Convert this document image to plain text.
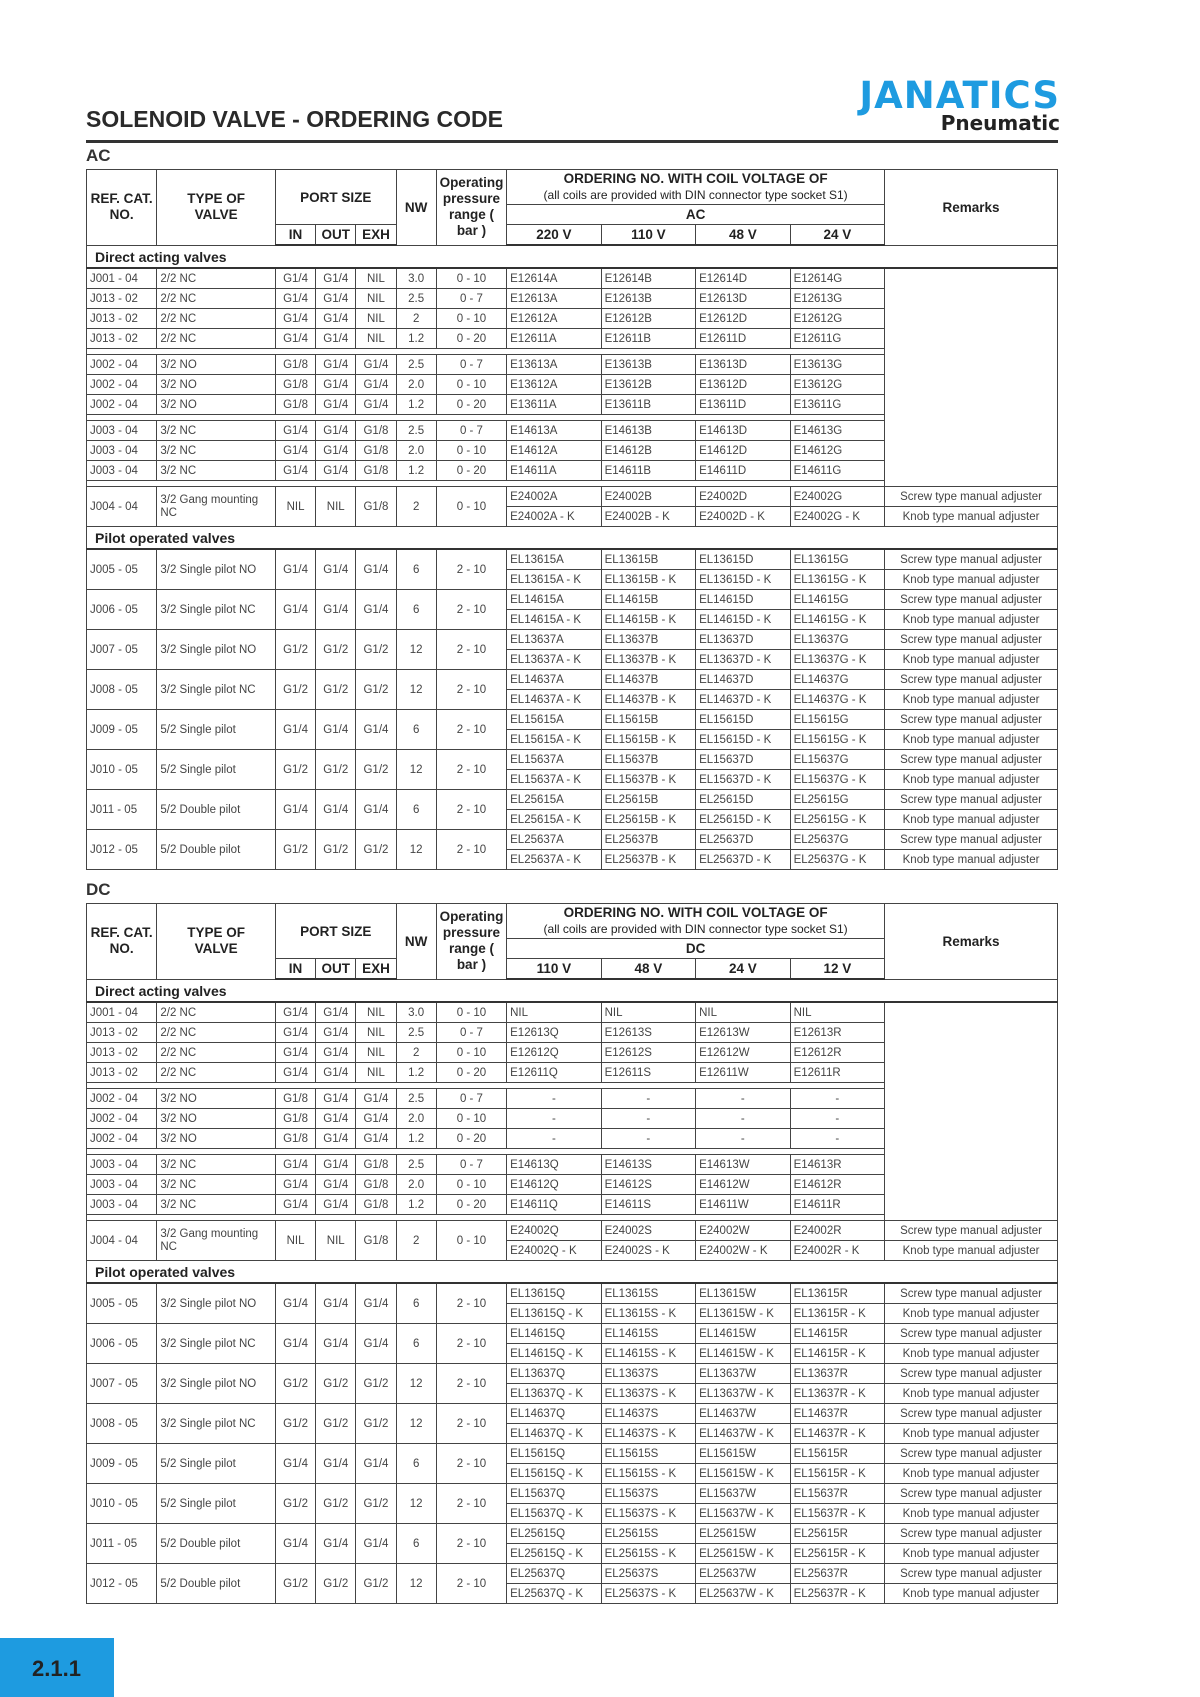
JANATICS
Pneumatic
SOLENOID VALVE - ORDERING CODE
AC
REF. CAT. NO.	TYPE OF VALVE	PORT SIZE			NW	Operating pressure range ( bar )	ORDERING NO. WITH COIL VOLTAGE OF
(all coils are provided with DIN connector type socket S1)				Remarks
							AC				
		IN	OUT	EXH			220 V	110 V	48 V	24 V	
Direct acting valves											
J001 - 04	2/2 NC	G1/4	G1/4	NIL	3.0	0 - 10	E12614A	E12614B	E12614D	E12614G	
J013 - 02	2/2 NC	G1/4	G1/4	NIL	2.5	0 - 7	E12613A	E12613B	E12613D	E12613G	
J013 - 02	2/2 NC	G1/4	G1/4	NIL	2	0 - 10	E12612A	E12612B	E12612D	E12612G	
J013 - 02	2/2 NC	G1/4	G1/4	NIL	1.2	0 - 20	E12611A	E12611B	E12611D	E12611G	

J002 - 04	3/2 NO	G1/8	G1/4	G1/4	2.5	0 - 7	E13613A	E13613B	E13613D	E13613G	
J002 - 04	3/2 NO	G1/8	G1/4	G1/4	2.0	0 - 10	E13612A	E13612B	E13612D	E13612G	
J002 - 04	3/2 NO	G1/8	G1/4	G1/4	1.2	0 - 20	E13611A	E13611B	E13611D	E13611G	

J003 - 04	3/2 NC	G1/4	G1/4	G1/8	2.5	0 - 7	E14613A	E14613B	E14613D	E14613G	
J003 - 04	3/2 NC	G1/4	G1/4	G1/8	2.0	0 - 10	E14612A	E14612B	E14612D	E14612G	
J003 - 04	3/2 NC	G1/4	G1/4	G1/8	1.2	0 - 20	E14611A	E14611B	E14611D	E14611G	

J004 - 04	3/2 Gang mounting NC	NIL	NIL	G1/8	2	0 - 10	E24002A	E24002B	E24002D	E24002G	Screw type manual adjuster
							E24002A - K	E24002B - K	E24002D - K	E24002G - K	Knob type manual adjuster
Pilot operated valves											
J005 - 05	3/2 Single pilot NO	G1/4	G1/4	G1/4	6	2 - 10	EL13615A	EL13615B	EL13615D	EL13615G	Screw type manual adjuster
							EL13615A - K	EL13615B - K	EL13615D - K	EL13615G - K	Knob type manual adjuster
J006 - 05	3/2 Single pilot NC	G1/4	G1/4	G1/4	6	2 - 10	EL14615A	EL14615B	EL14615D	EL14615G	Screw type manual adjuster
							EL14615A - K	EL14615B - K	EL14615D - K	EL14615G - K	Knob type manual adjuster
J007 - 05	3/2 Single pilot NO	G1/2	G1/2	G1/2	12	2 - 10	EL13637A	EL13637B	EL13637D	EL13637G	Screw type manual adjuster
							EL13637A - K	EL13637B - K	EL13637D - K	EL13637G - K	Knob type manual adjuster
J008 - 05	3/2 Single pilot NC	G1/2	G1/2	G1/2	12	2 - 10	EL14637A	EL14637B	EL14637D	EL14637G	Screw type manual adjuster
							EL14637A - K	EL14637B - K	EL14637D - K	EL14637G - K	Knob type manual adjuster
J009 - 05	5/2 Single pilot	G1/4	G1/4	G1/4	6	2 - 10	EL15615A	EL15615B	EL15615D	EL15615G	Screw type manual adjuster
							EL15615A - K	EL15615B - K	EL15615D - K	EL15615G - K	Knob type manual adjuster
J010 - 05	5/2 Single pilot	G1/2	G1/2	G1/2	12	2 - 10	EL15637A	EL15637B	EL15637D	EL15637G	Screw type manual adjuster
							EL15637A - K	EL15637B - K	EL15637D - K	EL15637G - K	Knob type manual adjuster
J011 - 05	5/2 Double pilot	G1/4	G1/4	G1/4	6	2 - 10	EL25615A	EL25615B	EL25615D	EL25615G	Screw type manual adjuster
							EL25615A - K	EL25615B - K	EL25615D - K	EL25615G - K	Knob type manual adjuster
J012 - 05	5/2 Double pilot	G1/2	G1/2	G1/2	12	2 - 10	EL25637A	EL25637B	EL25637D	EL25637G	Screw type manual adjuster
							EL25637A - K	EL25637B - K	EL25637D - K	EL25637G - K	Knob type manual adjuster
DC
REF. CAT. NO.	TYPE OF VALVE	PORT SIZE			NW	Operating pressure range ( bar )	ORDERING NO. WITH COIL VOLTAGE OF
(all coils are provided with DIN connector type socket S1)				Remarks
							DC				
		IN	OUT	EXH			110 V	48 V	24 V	12 V	
Direct acting valves											
J001 - 04	2/2 NC	G1/4	G1/4	NIL	3.0	0 - 10	NIL	NIL	NIL	NIL	
J013 - 02	2/2 NC	G1/4	G1/4	NIL	2.5	0 - 7	E12613Q	E12613S	E12613W	E12613R	
J013 - 02	2/2 NC	G1/4	G1/4	NIL	2	0 - 10	E12612Q	E12612S	E12612W	E12612R	
J013 - 02	2/2 NC	G1/4	G1/4	NIL	1.2	0 - 20	E12611Q	E12611S	E12611W	E12611R	

J002 - 04	3/2 NO	G1/8	G1/4	G1/4	2.5	0 - 7	-	-	-	-	
J002 - 04	3/2 NO	G1/8	G1/4	G1/4	2.0	0 - 10	-	-	-	-	
J002 - 04	3/2 NO	G1/8	G1/4	G1/4	1.2	0 - 20	-	-	-	-	

J003 - 04	3/2 NC	G1/4	G1/4	G1/8	2.5	0 - 7	E14613Q	E14613S	E14613W	E14613R	
J003 - 04	3/2 NC	G1/4	G1/4	G1/8	2.0	0 - 10	E14612Q	E14612S	E14612W	E14612R	
J003 - 04	3/2 NC	G1/4	G1/4	G1/8	1.2	0 - 20	E14611Q	E14611S	E14611W	E14611R	

J004 - 04	3/2 Gang mounting NC	NIL	NIL	G1/8	2	0 - 10	E24002Q	E24002S	E24002W	E24002R	Screw type manual adjuster
							E24002Q - K	E24002S - K	E24002W - K	E24002R - K	Knob type manual adjuster
Pilot operated valves											
J005 - 05	3/2 Single pilot NO	G1/4	G1/4	G1/4	6	2 - 10	EL13615Q	EL13615S	EL13615W	EL13615R	Screw type manual adjuster
							EL13615Q - K	EL13615S - K	EL13615W - K	EL13615R - K	Knob type manual adjuster
J006 - 05	3/2 Single pilot NC	G1/4	G1/4	G1/4	6	2 - 10	EL14615Q	EL14615S	EL14615W	EL14615R	Screw type manual adjuster
							EL14615Q - K	EL14615S - K	EL14615W - K	EL14615R - K	Knob type manual adjuster
J007 - 05	3/2 Single pilot NO	G1/2	G1/2	G1/2	12	2 - 10	EL13637Q	EL13637S	EL13637W	EL13637R	Screw type manual adjuster
							EL13637Q - K	EL13637S - K	EL13637W - K	EL13637R - K	Knob type manual adjuster
J008 - 05	3/2 Single pilot NC	G1/2	G1/2	G1/2	12	2 - 10	EL14637Q	EL14637S	EL14637W	EL14637R	Screw type manual adjuster
							EL14637Q - K	EL14637S - K	EL14637W - K	EL14637R - K	Knob type manual adjuster
J009 - 05	5/2 Single pilot	G1/4	G1/4	G1/4	6	2 - 10	EL15615Q	EL15615S	EL15615W	EL15615R	Screw type manual adjuster
							EL15615Q - K	EL15615S - K	EL15615W - K	EL15615R - K	Knob type manual adjuster
J010 - 05	5/2 Single pilot	G1/2	G1/2	G1/2	12	2 - 10	EL15637Q	EL15637S	EL15637W	EL15637R	Screw type manual adjuster
							EL15637Q - K	EL15637S - K	EL15637W - K	EL15637R - K	Knob type manual adjuster
J011 - 05	5/2 Double pilot	G1/4	G1/4	G1/4	6	2 - 10	EL25615Q	EL25615S	EL25615W	EL25615R	Screw type manual adjuster
							EL25615Q - K	EL25615S - K	EL25615W - K	EL25615R - K	Knob type manual adjuster
J012 - 05	5/2 Double pilot	G1/2	G1/2	G1/2	12	2 - 10	EL25637Q	EL25637S	EL25637W	EL25637R	Screw type manual adjuster
							EL25637Q - K	EL25637S - K	EL25637W - K	EL25637R - K	Knob type manual adjuster
2.1.1
